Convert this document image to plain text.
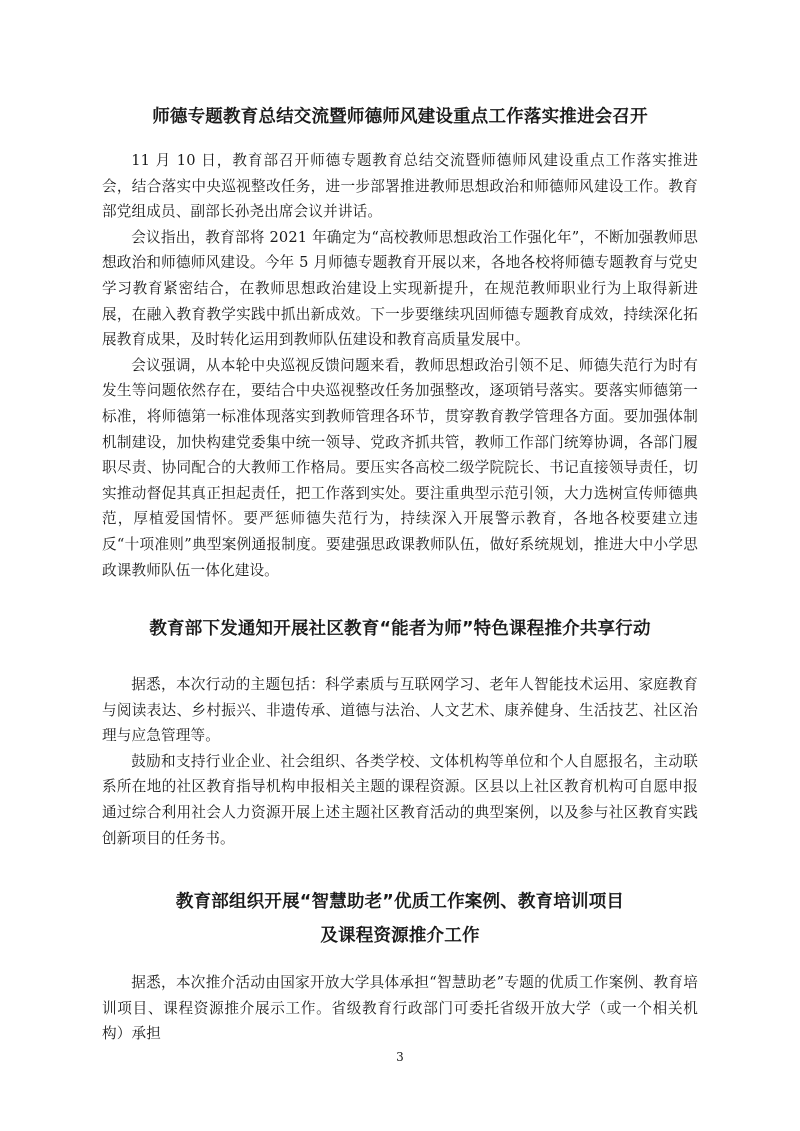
师德专题教育总结交流暨师德师风建设重点工作落实推进会召开

11 月 10 日，教育部召开师德专题教育总结交流暨师德师风建设重点工作落实推进会，结合落实中央巡视整改任务，进一步部署推进教师思想政治和师德师风建设工作。教育部党组成员、副部长孙尧出席会议并讲话。

会议指出，教育部将 2021 年确定为“高校教师思想政治工作强化年”，不断加强教师思想政治和师德师风建设。今年 5 月师德专题教育开展以来，各地各校将师德专题教育与党史学习教育紧密结合，在教师思想政治建设上实现新提升，在规范教师职业行为上取得新进展，在融入教育教学实践中抓出新成效。下一步要继续巩固师德专题教育成效，持续深化拓展教育成果，及时转化运用到教师队伍建设和教育高质量发展中。

会议强调，从本轮中央巡视反馈问题来看，教师思想政治引领不足、师德失范行为时有发生等问题依然存在，要结合中央巡视整改任务加强整改，逐项销号落实。要落实师德第一标准，将师德第一标准体现落实到教师管理各环节，贯穿教育教学管理各方面。要加强体制机制建设，加快构建党委集中统一领导、党政齐抓共管，教师工作部门统筹协调，各部门履职尽责、协同配合的大教师工作格局。要压实各高校二级学院院长、书记直接领导责任，切实推动督促其真正担起责任，把工作落到实处。要注重典型示范引领，大力选树宣传师德典范，厚植爱国情怀。要严惩师德失范行为，持续深入开展警示教育，各地各校要建立违反“十项准则”典型案例通报制度。要建强思政课教师队伍，做好系统规划，推进大中小学思政课教师队伍一体化建设。

教育部下发通知开展社区教育“能者为师”特色课程推介共享行动

据悉，本次行动的主题包括：科学素质与互联网学习、老年人智能技术运用、家庭教育与阅读表达、乡村振兴、非遗传承、道德与法治、人文艺术、康养健身、生活技艺、社区治理与应急管理等。

鼓励和支持行业企业、社会组织、各类学校、文体机构等单位和个人自愿报名，主动联系所在地的社区教育指导机构申报相关主题的课程资源。区县以上社区教育机构可自愿申报通过综合利用社会人力资源开展上述主题社区教育活动的典型案例，以及参与社区教育实践创新项目的任务书。

教育部组织开展“智慧助老”优质工作案例、教育培训项目
及课程资源推介工作

据悉，本次推介活动由国家开放大学具体承担“智慧助老”专题的优质工作案例、教育培训项目、课程资源推介展示工作。省级教育行政部门可委托省级开放大学（或一个相关机构）承担

3
